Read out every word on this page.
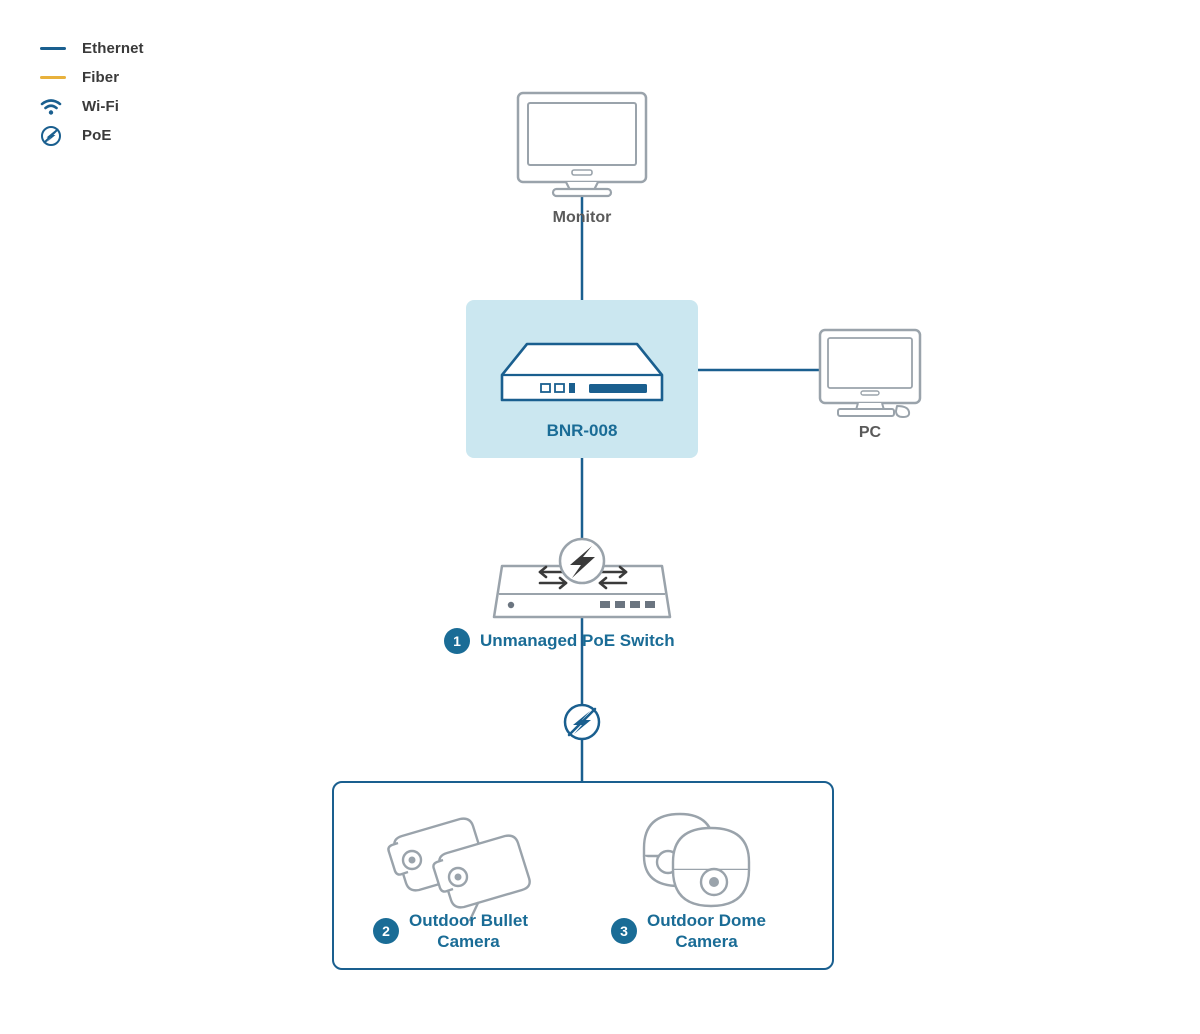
Ethernet
Fiber
Wi-Fi
PoE
Monitor
BNR-008	PC
1	Unmanaged PoE Switch
2
Outdoor Bullet
Camera
3
Outdoor Dome
Camera
